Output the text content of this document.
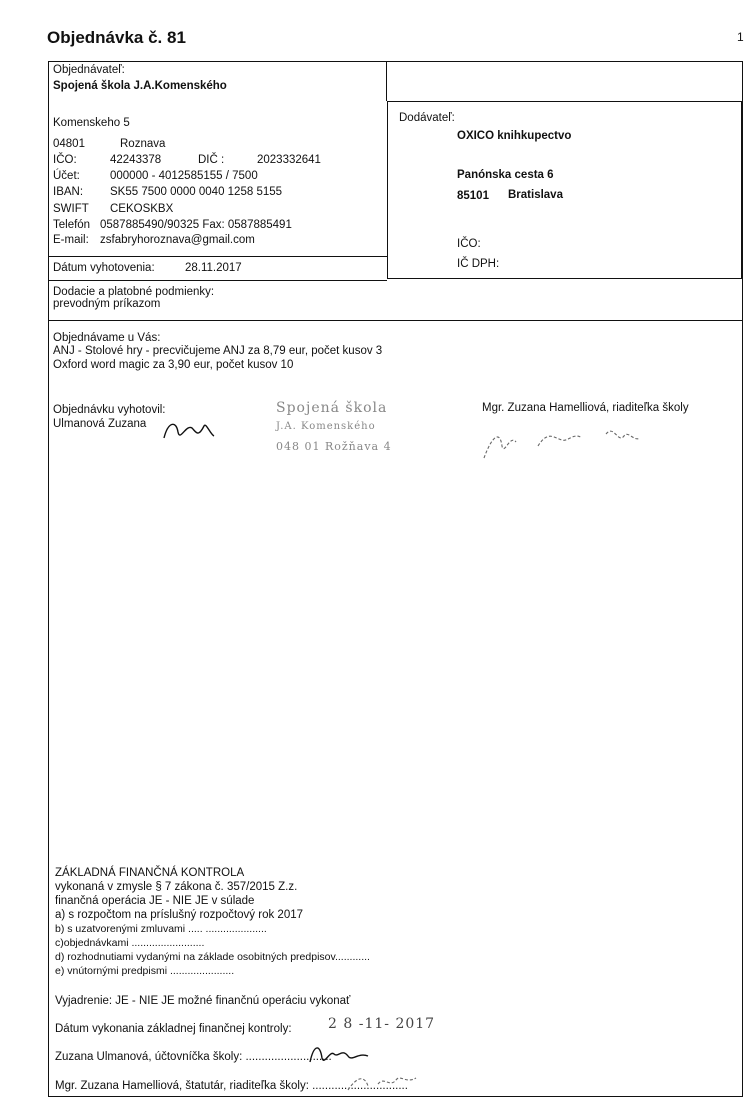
Objednávka č. 81	1
Objednávateľ:
Spojená škola J.A.Komenského
Komenskeho 5
04801	Roznava
IČO:	42243378	DIČ :	2023332641
Účet:	000000 - 4012585155 / 7500
IBAN: SK55 7500 0000 0040 1258 5155
SWIFT CEKOSKBX
Telefón 0587885490/90325 Fax: 0587885491
E-mail: zsfabryhoroznava@gmail.com
Dátum vyhotovenia:	28.11.2017
Dodávateľ:
OXICO knihkupectvo
Panónska cesta 6
85101 Bratislava
IČO:
IČ DPH:
Dodacie a platobné podmienky:
prevodným príkazom
Objednávame u Vás:
ANJ - Stolové hry - precvičujeme ANJ za 8,79 eur, počet kusov 3
Oxford word magic za 3,90 eur, počet kusov 10
Objednávku vyhotovil:
Ulmanová Zuzana
Spojená škola
J.A. Komenského
048 01 Rožňava 4
Mgr. Zuzana Hamelliová, riaditeľka školy
ZÁKLADNÁ FINANČNÁ KONTROLA
vykonaná v zmysle § 7 zákona č. 357/2015 Z.z.
finančná operácia JE - NIE JE v súlade
a) s rozpočtom na príslušný rozpočtový rok 2017
b) s uzatvorenými zmluvami ..... .....................
c)objednávkami .........................
d) rozhodnutiami vydanými na základe osobitných predpisov............
e) vnútornými predpismi ......................
Vyjadrenie: JE - NIE JE možné finančnú operáciu vykonať
Dátum vykonania základnej finančnej kontroly:	2 8 -11- 2017
Zuzana Ulmanová, účtovníčka školy: ...........................
Mgr. Zuzana Hamelliová, štatutár, riaditeľka školy: ..............................
